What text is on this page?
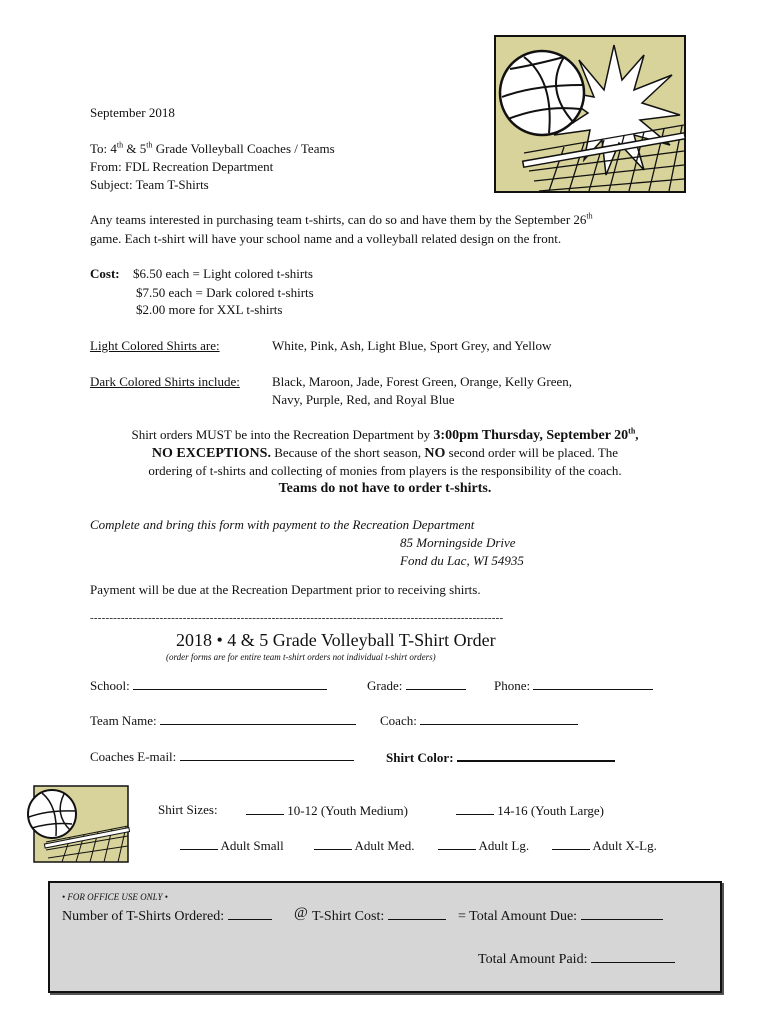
September 2018
To: 4th & 5th Grade Volleyball Coaches / Teams
From: FDL Recreation Department
Subject: Team T-Shirts
Any teams interested in purchasing team t-shirts, can do so and have them by the September 26th
game. Each t-shirt will have your school name and a volleyball related design on the front.
Cost: $6.50 each = Light colored t-shirts
$7.50 each = Dark colored t-shirts
$2.00 more for XXL t-shirts
Light Colored Shirts are:	White, Pink, Ash, Light Blue, Sport Grey, and Yellow
Dark Colored Shirts include: Black, Maroon, Jade, Forest Green, Orange, Kelly Green,
Navy, Purple, Red, and Royal Blue
Shirt orders MUST be into the Recreation Department by 3:00pm Thursday, September 20th,
NO EXCEPTIONS. Because of the short season, NO second order will be placed. The
ordering of t-shirts and collecting of monies from players is the responsibility of the coach.
Teams do not have to order t-shirts.
Complete and bring this form with payment to the Recreation Department
85 Morningside Drive
Fond du Lac, WI 54935
Payment will be due at the Recreation Department prior to receiving shirts.
-----------------------------------------------------------------------------------------------------------
2018 • 4 & 5 Grade Volleyball T-Shirt Order
(order forms are for entire team t-shirt orders not individual t-shirt orders)
School:	Grade:	Phone:
Team Name:	Coach:
Coaches E-mail:	Shirt Color:
Shirt Sizes:	10-12 (Youth Medium)	14-16 (Youth Large)
Adult Small	Adult Med.	Adult Lg.	Adult X-Lg.
• FOR OFFICE USE ONLY •
Number of T-Shirts Ordered:	@ T-Shirt Cost:	= Total Amount Due:
Total Amount Paid:
